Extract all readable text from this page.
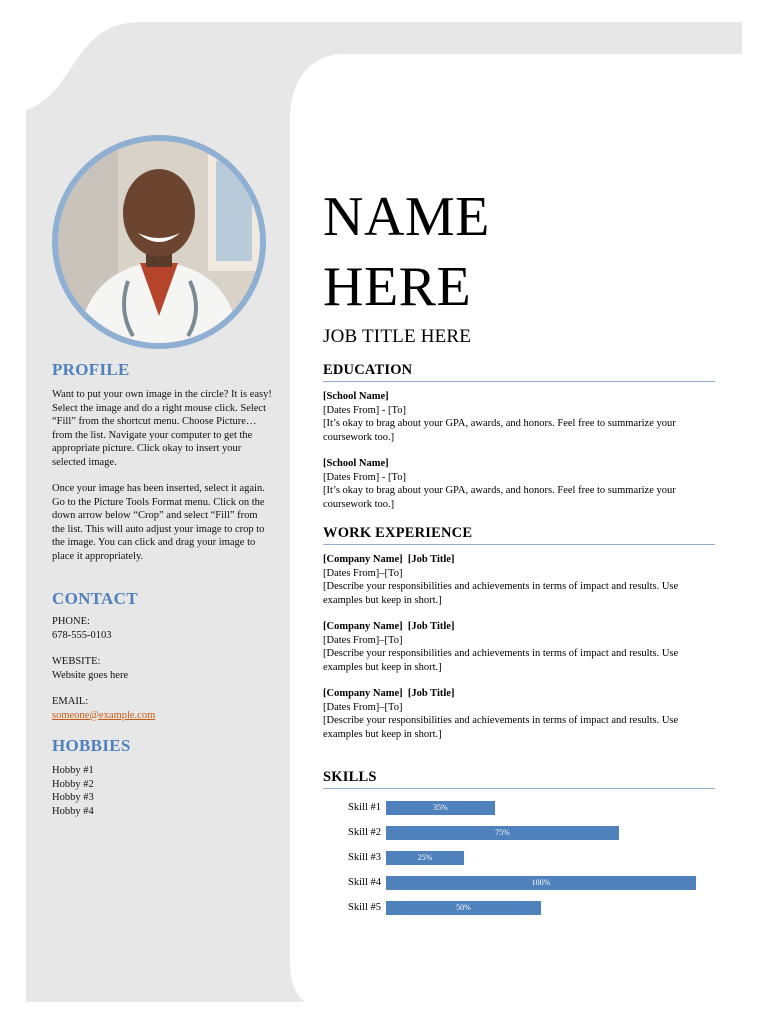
PROFILE
Want to put your own image in the circle? It is easy! Select the image and do a right mouse click. Select “Fill” from the shortcut menu. Choose Picture… from the list. Navigate your computer to get the appropriate picture. Click okay to insert your selected image.
Once your image has been inserted, select it again. Go to the Picture Tools Format menu. Click on the down arrow below “Crop” and select “Fill” from the list. This will auto adjust your image to crop to the image. You can click and drag your image to place it appropriately.
CONTACT
PHONE:
678-555-0103
WEBSITE:
Website goes here
EMAIL:
someone@example.com
HOBBIES
Hobby #1
Hobby #2
Hobby #3
Hobby #4
NAME
HERE
JOB TITLE HERE
EDUCATION
[School Name]
[Dates From] - [To]
[It’s okay to brag about your GPA, awards, and honors. Feel free to summarize your coursework too.]
[School Name]
[Dates From] - [To]
[It’s okay to brag about your GPA, awards, and honors. Feel free to summarize your coursework too.]
WORK EXPERIENCE
[Company Name]  [Job Title]
[Dates From]–[To]
[Describe your responsibilities and achievements in terms of impact and results. Use examples but keep in short.]
[Company Name]  [Job Title]
[Dates From]–[To]
[Describe your responsibilities and achievements in terms of impact and results. Use examples but keep in short.]
[Company Name]  [Job Title]
[Dates From]–[To]
[Describe your responsibilities and achievements in terms of impact and results. Use examples but keep in short.]
SKILLS
Skill #1	35%
Skill #2	75%
Skill #3	25%
Skill #4	100%
Skill #5	50%
